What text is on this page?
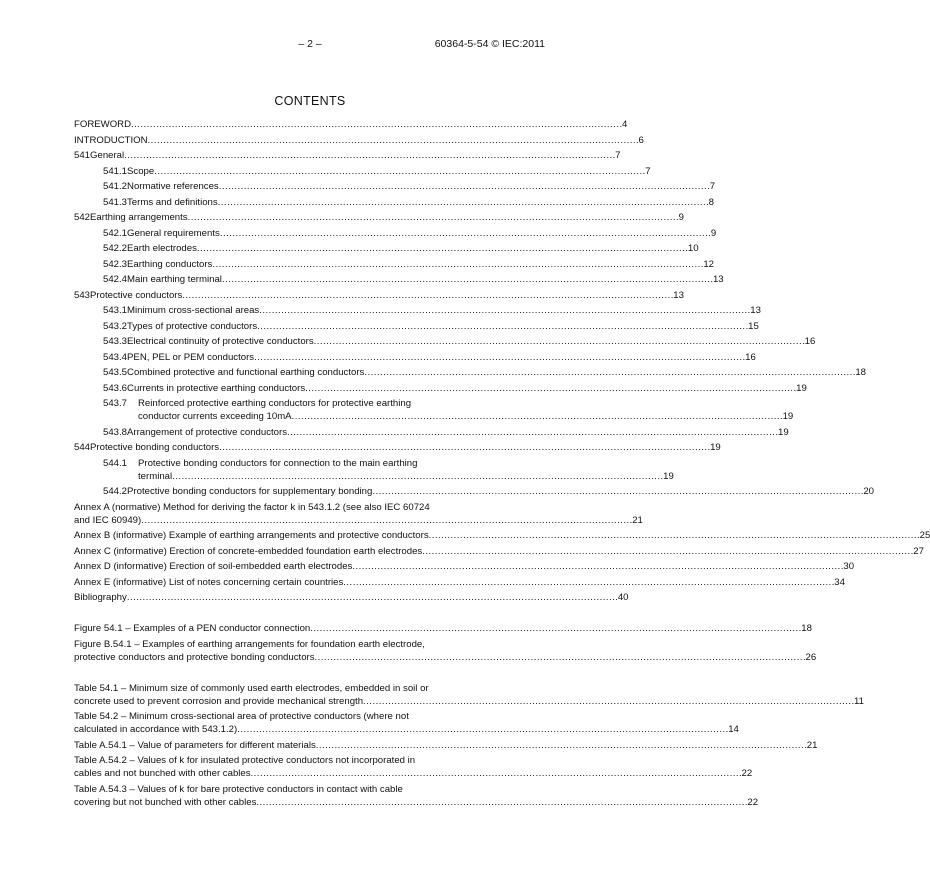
– 2 –	60364-5-54 © IEC:2011
CONTENTS
FOREWORD . . .	4
INTRODUCTION . . .	6
541 General . . .	7
541.1 Scope . . .	7
541.2 Normative references . . .	7
541.3 Terms and definitions . . .	8
542 Earthing arrangements . . .	9
542.1 General requirements . . .	9
542.2 Earth electrodes . . .	10
542.3 Earthing conductors . . .	12
542.4 Main earthing terminal . . .	13
543 Protective conductors . . .	13
543.1 Minimum cross-sectional areas . . .	13
543.2 Types of protective conductors . . .	15
543.3 Electrical continuity of protective conductors . . .	16
543.4 PEN, PEL or PEM conductors . . .	16
543.5 Combined protective and functional earthing conductors . . .	18
543.6 Currents in protective earthing conductors . . .	19
543.7	Reinforced protective earthing conductors for protective earthing
conductor currents exceeding 10mA . . .	19
543.8 Arrangement of protective conductors . . .	19
544 Protective bonding conductors . . .	19
544.1	Protective bonding conductors for connection to the main earthing
terminal . . .	19
544.2 Protective bonding conductors for supplementary bonding . . .	20
Annex A (normative) Method for deriving the factor k in 543.1.2 (see also IEC 60724
and IEC 60949) . . .	21
Annex B (informative) Example of earthing arrangements and protective conductors . . .	25
Annex C (informative) Erection of concrete-embedded foundation earth electrodes . . .	27
Annex D (informative) Erection of soil-embedded earth electrodes . . .	30
Annex E (informative) List of notes concerning certain countries . . .	34
Bibliography . . .	40
Figure 54.1 – Examples of a PEN conductor connection . . .	18
Figure B.54.1 – Examples of earthing arrangements for foundation earth electrode,
protective conductors and protective bonding conductors . . .	26
Table 54.1 – Minimum size of commonly used earth electrodes, embedded in soil or
concrete used to prevent corrosion and provide mechanical strength . . .	11
Table 54.2 – Minimum cross-sectional area of protective conductors (where not
calculated in accordance with 543.1.2) . . .	14
Table A.54.1 – Value of parameters for different materials . . .	21
Table A.54.2 – Values of k for insulated protective conductors not incorporated in
cables and not bunched with other cables . . .	22
Table A.54.3 – Values of k for bare protective conductors in contact with cable
covering but not bunched with other cables . . .	22
